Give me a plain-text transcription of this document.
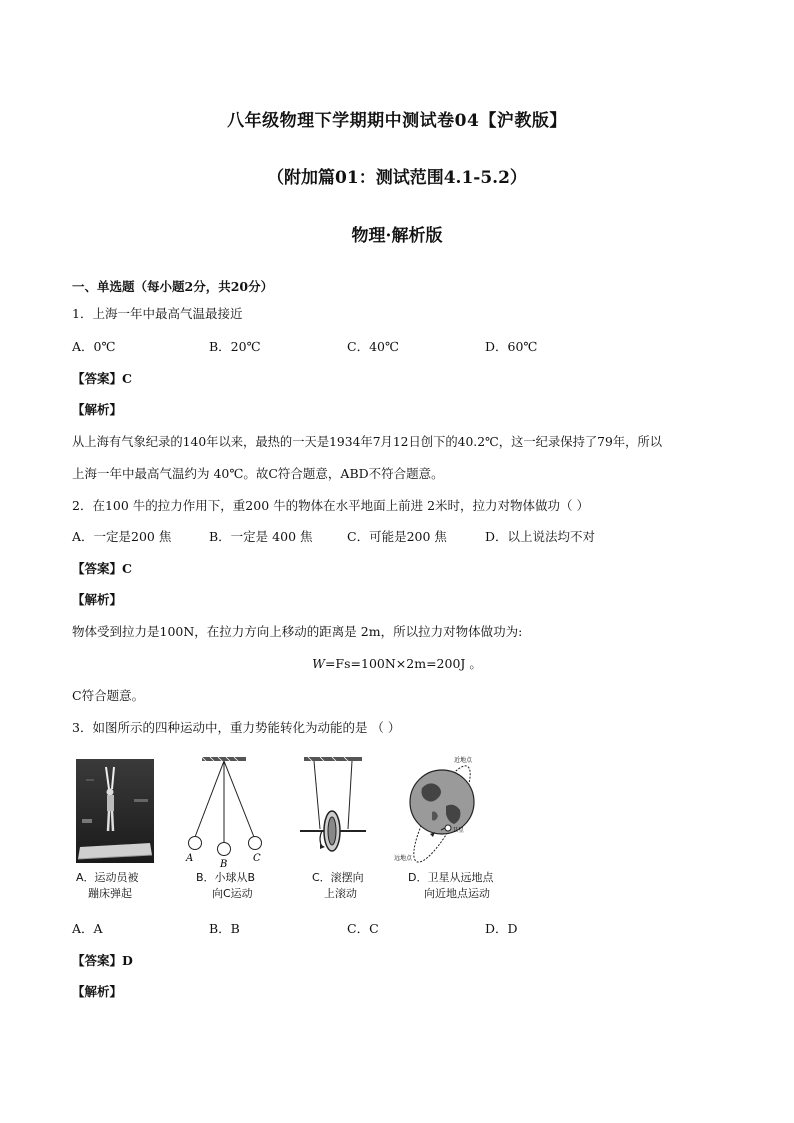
八年级物理下学期期中测试卷04【沪教版】
（附加篇01：测试范围4.1-5.2）
物理·解析版
一、单选题（每小题2分，共20分）
1．上海一年中最高气温最接近
A．0℃	B．20℃	C．40℃	D．60℃
【答案】C
【解析】
从上海有气象纪录的140年以来，最热的一天是1934年7月12日创下的40.2℃，这一纪录保持了79年，所以
上海一年中最高气温约为 40℃。故C符合题意，ABD不符合题意。
2．在100 牛的拉力作用下，重200 牛的物体在水平地面上前进 2米时，拉力对物体做功（ ）
A．一定是200 焦	B．一定是 400 焦	C．可能是200 焦	D．以上说法均不对
【答案】C
【解析】
物体受到拉力是100N，在拉力方向上移动的距离是 2m，所以拉力对物体做功为:
W=Fs=100N×2m=200J 。
C符合题意。
3．如图所示的四种运动中，重力势能转化为动能的是 （ ）
A．运动员被
蹦床弹起
A
B
C
B．小球从B
向C运动
C．滚摆向
上滚动
近地点
卫星
远地点
D．卫星从远地点
向近地点运动
A．A	B．B	C．C	D．D
【答案】D
【解析】
